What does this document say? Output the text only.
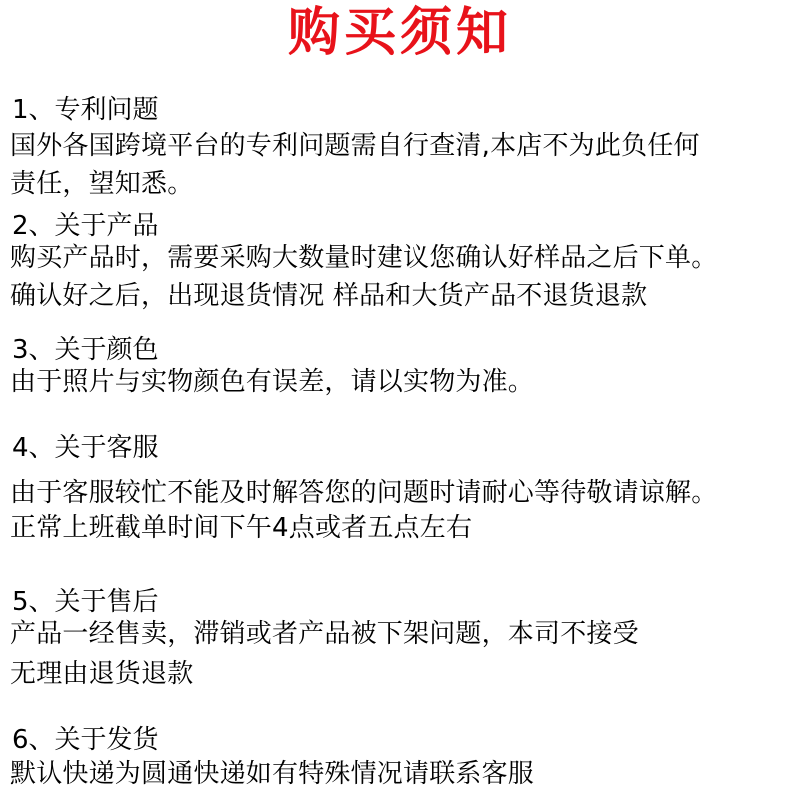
购买须知
1、专利问题
国外各国跨境平台的专利问题需自行查清,本店不为此负任何
责任，望知悉。
2、关于产品
购买产品时，需要采购大数量时建议您确认好样品之后下单。
确认好之后，出现退货情况 样品和大货产品不退货退款
3、关于颜色
由于照片与实物颜色有误差，请以实物为准。
4、关于客服
由于客服较忙不能及时解答您的问题时请耐心等待敬请谅解。
正常上班截单时间下午4点或者五点左右
5、关于售后
产品一经售卖，滞销或者产品被下架问题，本司不接受
无理由退货退款
6、关于发货
默认快递为圆通快递如有特殊情况请联系客服
